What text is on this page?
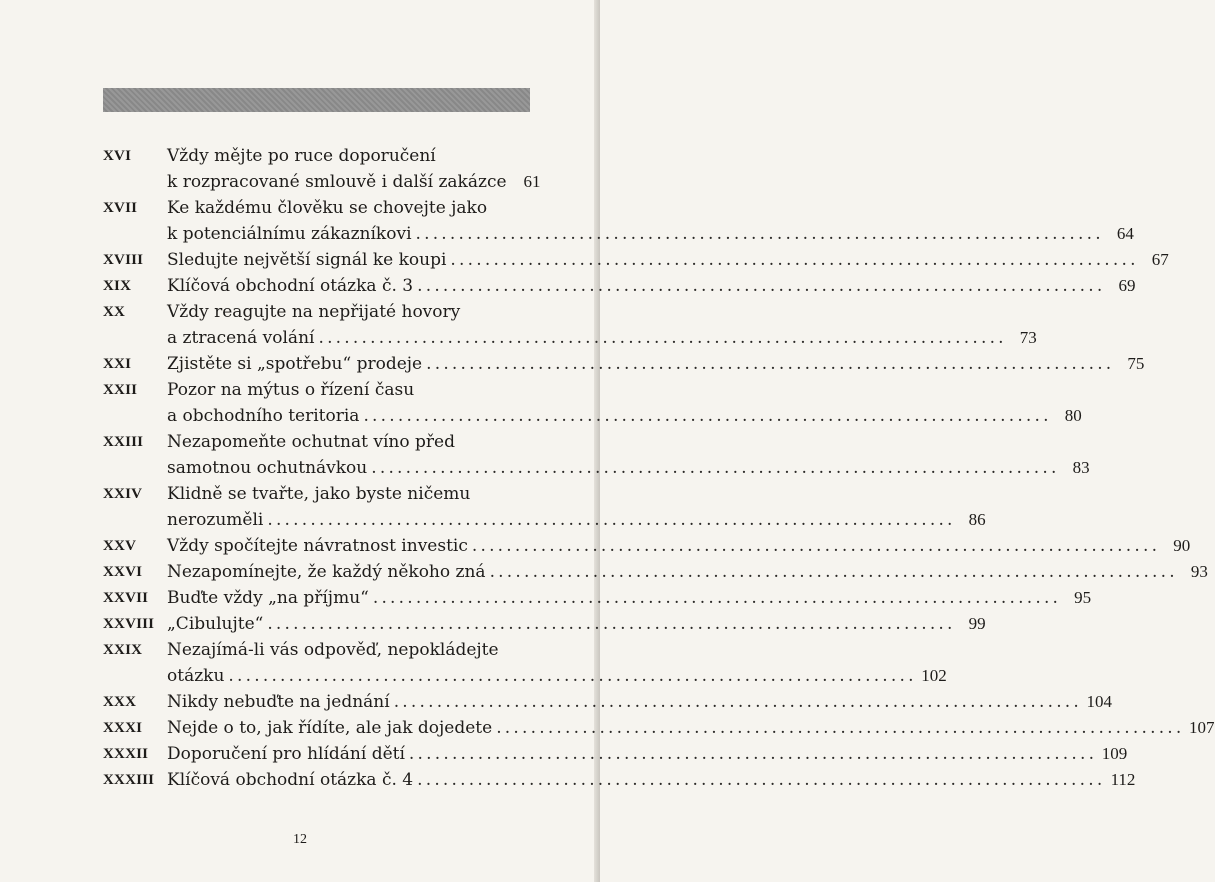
XVI Vždy mějte po ruce doporučení
k rozpracované smlouvě i další zakázce	61
XVII Ke každému člověku se chovejte jako
k potenciálnímu zákazníkovi ................................................................................ 64
XVIII Sledujte největší signál ke koupi ................................................................................ 67
XIX Klíčová obchodní otázka č. 3 ................................................................................ 69
XX Vždy reagujte na nepřijaté hovory
a ztracená volání ................................................................................ 73
XXI Zjistěte si „spotřebu“ prodeje ................................................................................ 75
XXII Pozor na mýtus o řízení času
a obchodního teritoria ................................................................................ 80
XXIII Nezapomeňte ochutnat víno před
samotnou ochutnávkou ................................................................................ 83
XXIV Klidně se tvařte, jako byste ničemu
nerozuměli ................................................................................ 86
XXV Vždy spočítejte návratnost investic ................................................................................ 90
XXVI Nezapomínejte, že každý někoho zná ................................................................................ 93
XXVII Buďte vždy „na příjmu“ ................................................................................ 95
XXVIII „Cibulujte“ ................................................................................ 99
XXIX Nezajímá-li vás odpověď, nepokládejte
otázku ................................................................................ 102
XXX Nikdy nebuďte na jednání ................................................................................ 104
XXXI Nejde o to, jak řídíte, ale jak dojedete ................................................................................ 107
XXXII Doporučení pro hlídání dětí ................................................................................ 109
XXXIII Klíčová obchodní otázka č. 4 ................................................................................ 112
12
